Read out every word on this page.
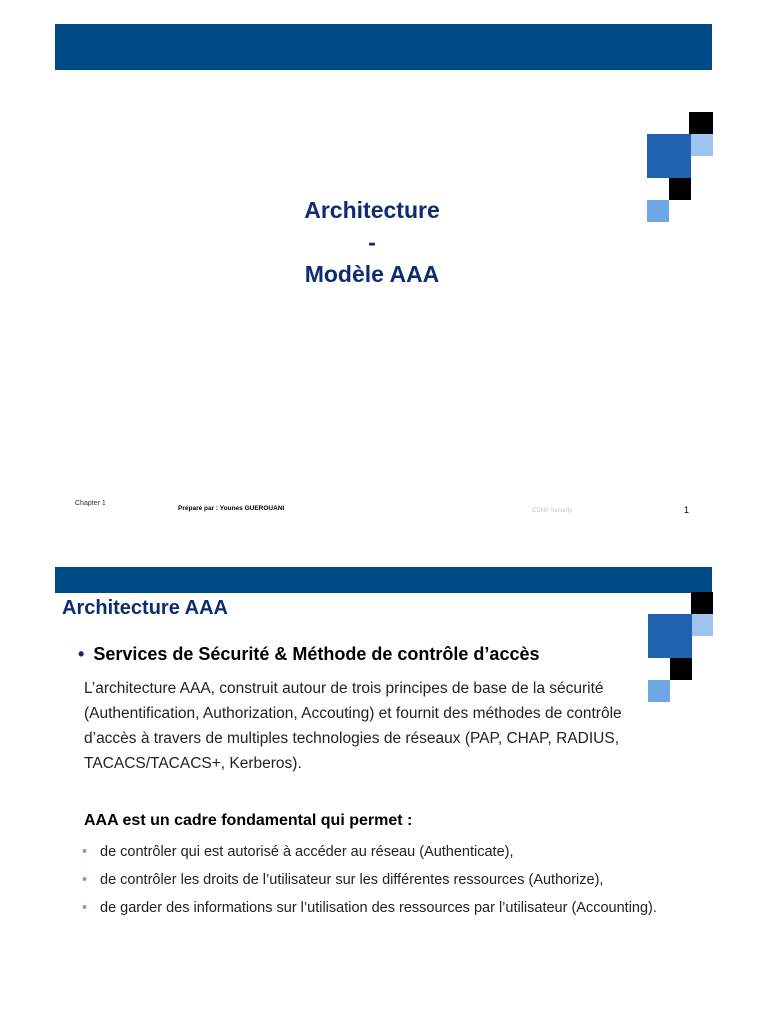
Architecture
-
Modèle AAA
Chapter 1
Préparé par : Younes GUEROUANI	CCNP Security	1
Architecture AAA
• Services de Sécurité & Méthode de contrôle d’accès
L’architecture AAA, construit autour de trois principes de base de la sécurité (Authentification, Authorization, Accouting) et fournit des méthodes de contrôle d’accès à travers de multiples technologies de réseaux (PAP, CHAP, RADIUS, TACACS/TACACS+, Kerberos).
AAA est un cadre fondamental qui permet :
• de contrôler qui est autorisé à accéder au réseau (Authenticate),
• de contrôler les droits de l’utilisateur sur les différentes ressources (Authorize),
• de garder des informations sur l’utilisation des ressources par l’utilisateur (Accounting).
